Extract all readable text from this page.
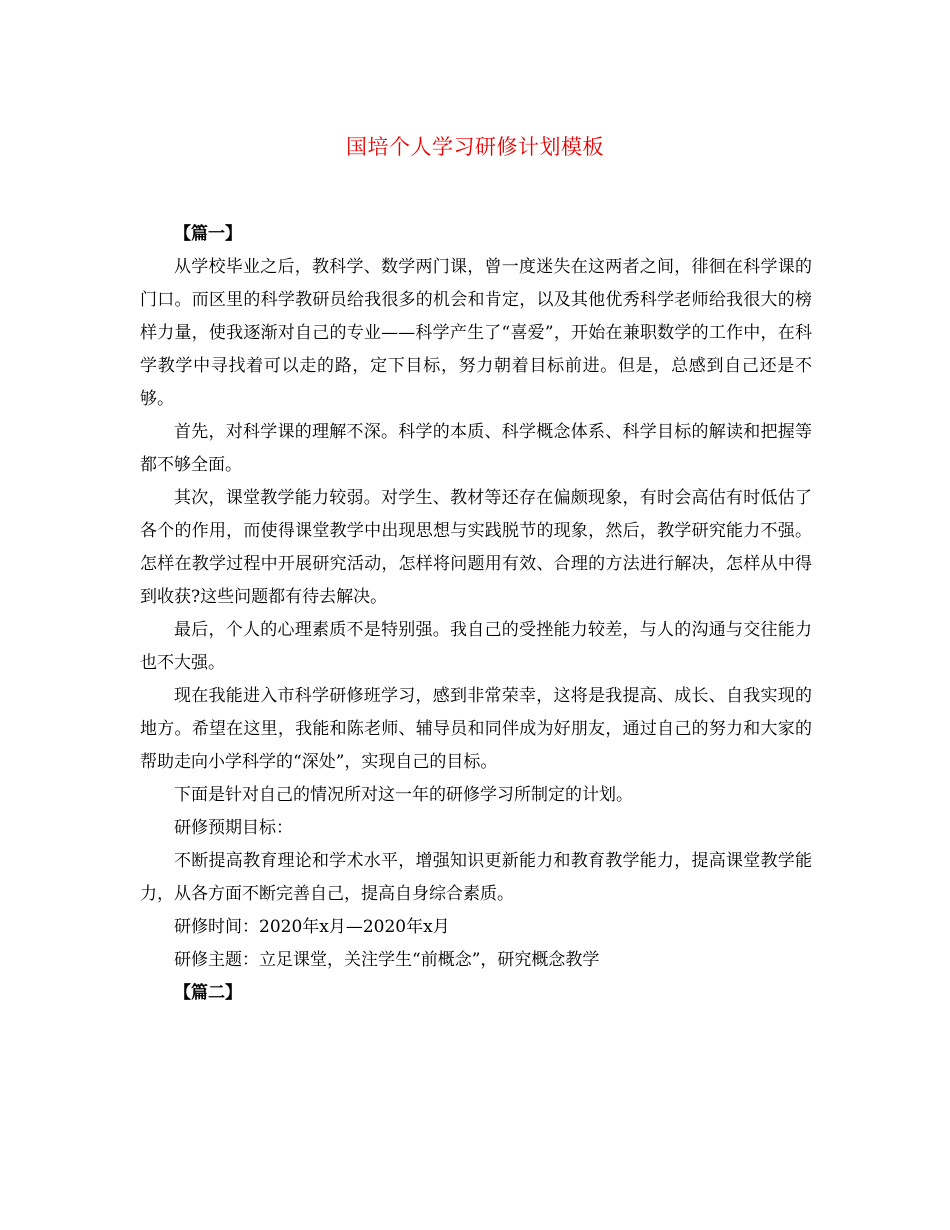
国培个人学习研修计划模板

【篇一】

从学校毕业之后，教科学、数学两门课，曾一度迷失在这两者之间，徘徊在科学课的门口。而区里的科学教研员给我很多的机会和肯定，以及其他优秀科学老师给我很大的榜样力量，使我逐渐对自己的专业——科学产生了“喜爱”，开始在兼职数学的工作中，在科学教学中寻找着可以走的路，定下目标，努力朝着目标前进。但是，总感到自己还是不够。

首先，对科学课的理解不深。科学的本质、科学概念体系、科学目标的解读和把握等都不够全面。

其次，课堂教学能力较弱。对学生、教材等还存在偏颇现象，有时会高估有时低估了各个的作用，而使得课堂教学中出现思想与实践脱节的现象，然后，教学研究能力不强。怎样在教学过程中开展研究活动，怎样将问题用有效、合理的方法进行解决，怎样从中得到收获?这些问题都有待去解决。

最后，个人的心理素质不是特别强。我自己的受挫能力较差，与人的沟通与交往能力也不大强。

现在我能进入市科学研修班学习，感到非常荣幸，这将是我提高、成长、自我实现的地方。希望在这里，我能和陈老师、辅导员和同伴成为好朋友，通过自己的努力和大家的帮助走向小学科学的“深处”，实现自己的目标。

下面是针对自己的情况所对这一年的研修学习所制定的计划。

研修预期目标：

不断提高教育理论和学术水平，增强知识更新能力和教育教学能力，提高课堂教学能力，从各方面不断完善自己，提高自身综合素质。

研修时间：2020年x月—2020年x月

研修主题：立足课堂，关注学生“前概念”，研究概念教学

【篇二】
